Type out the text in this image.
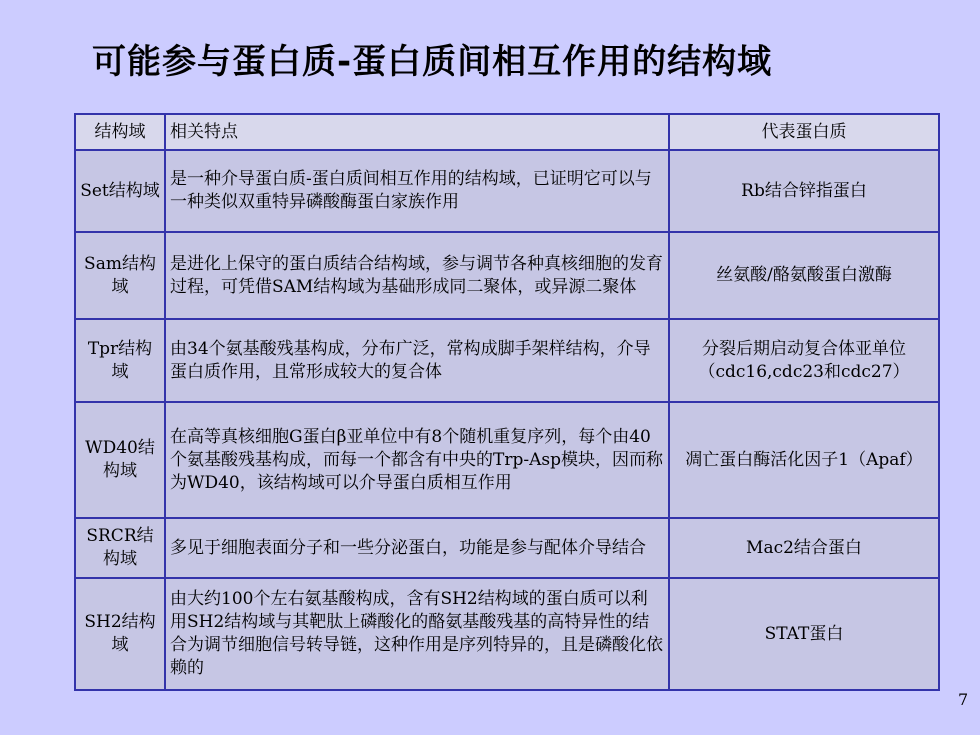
可能参与蛋白质-蛋白质间相互作用的结构域
结构域	相关特点	代表蛋白质
Set结构域	是一种介导蛋白质-蛋白质间相互作用的结构域，已证明它可以与一种类似双重特异磷酸酶蛋白家族作用	Rb结合锌指蛋白
Sam结构域	是进化上保守的蛋白质结合结构域，参与调节各种真核细胞的发育过程，可凭借SAM结构域为基础形成同二聚体，或异源二聚体	丝氨酸/酪氨酸蛋白激酶
Tpr结构域	由34个氨基酸残基构成，分布广泛，常构成脚手架样结构，介导蛋白质作用，且常形成较大的复合体	分裂后期启动复合体亚单位（cdc16,cdc23和cdc27）
WD40结构域	在高等真核细胞G蛋白β亚单位中有8个随机重复序列，每个由40个氨基酸残基构成，而每一个都含有中央的Trp-Asp模块，因而称为WD40，该结构域可以介导蛋白质相互作用	凋亡蛋白酶活化因子1（Apaf）
SRCR结构域	多见于细胞表面分子和一些分泌蛋白，功能是参与配体介导结合	Mac2结合蛋白
SH2结构域	由大约100个左右氨基酸构成，含有SH2结构域的蛋白质可以利用SH2结构域与其靶肽上磷酸化的酪氨基酸残基的高特异性的结合为调节细胞信号转导链，这种作用是序列特异的，且是磷酸化依赖的	STAT蛋白
7
